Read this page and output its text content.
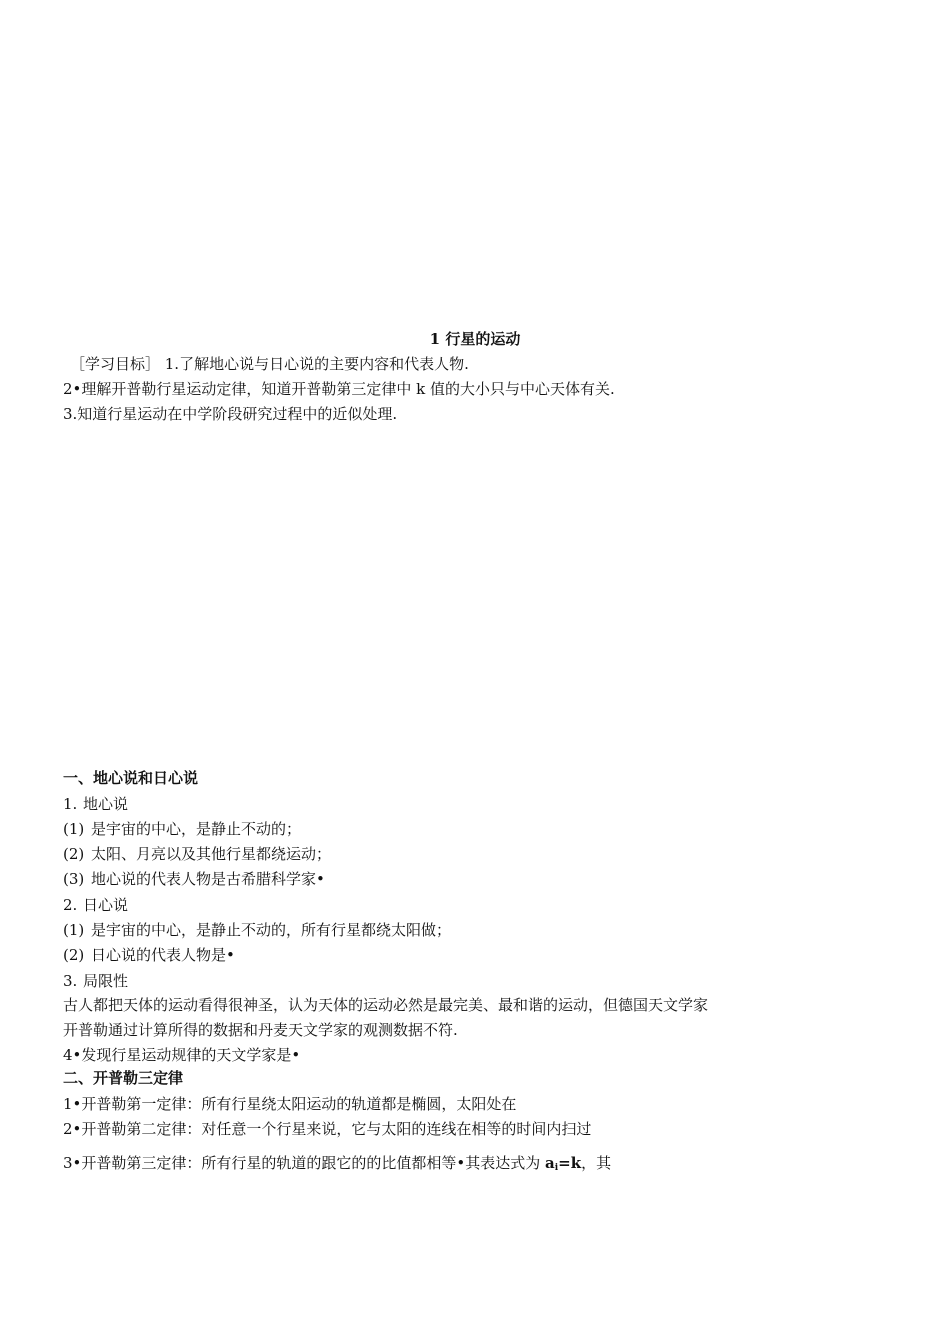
1 行星的运动
［学习目标］ 1.了解地心说与日心说的主要内容和代表人物.
2•理解开普勒行星运动定律，知道开普勒第三定律中 k 值的大小只与中心天体有关.
3.知道行星运动在中学阶段研究过程中的近似处理.
一、地心说和日心说
1. 地心说
(1) 是宇宙的中心，是静止不动的；
(2) 太阳、月亮以及其他行星都绕运动；
(3) 地心说的代表人物是古希腊科学家•
2. 日心说
(1) 是宇宙的中心，是静止不动的，所有行星都绕太阳做；
(2) 日心说的代表人物是•
3. 局限性
古人都把天体的运动看得很神圣，认为天体的运动必然是最完美、最和谐的运动，但德国天文学家
开普勒通过计算所得的数据和丹麦天文学家的观测数据不符.
4•发现行星运动规律的天文学家是•
二、开普勒三定律
1•开普勒第一定律：所有行星绕太阳运动的轨道都是椭圆，太阳处在
2•开普勒第二定律：对任意一个行星来说，它与太阳的连线在相等的时间内扫过
3•开普勒第三定律：所有行星的轨道的跟它的的比值都相等•其表达式为 ai=k，其
